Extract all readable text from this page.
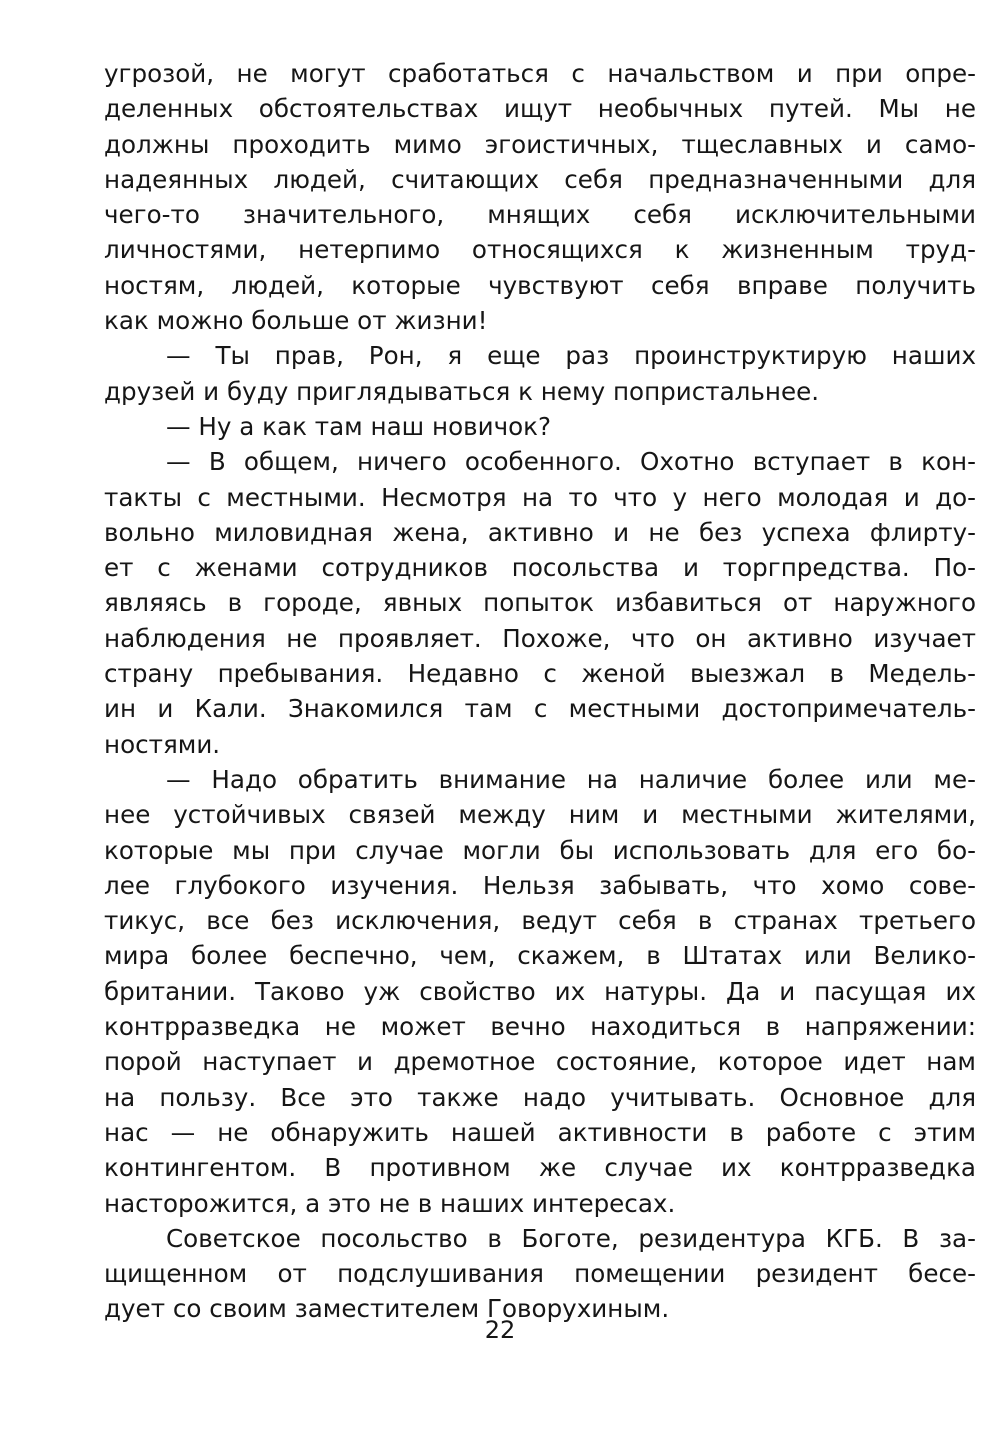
угрозой, не могут сработаться с начальством и при опре-
деленных обстоятельствах ищут необычных путей. Мы не
должны проходить мимо эгоистичных, тщеславных и само-
надеянных людей, считающих себя предназначенными для
чего-то значительного, мнящих себя исключительными
личностями, нетерпимо относящихся к жизненным труд-
ностям, людей, которые чувствуют себя вправе получить
как можно больше от жизни!
— Ты прав, Рон, я еще раз проинструктирую наших
друзей и буду приглядываться к нему попристальнее.
— Ну а как там наш новичок?
— В общем, ничего особенного. Охотно вступает в кон-
такты с местными. Несмотря на то что у него молодая и до-
вольно миловидная жена, активно и не без успеха флирту-
ет с женами сотрудников посольства и торгпредства. По-
являясь в городе, явных попыток избавиться от наружного
наблюдения не проявляет. Похоже, что он активно изучает
страну пребывания. Недавно с женой выезжал в Медель-
ин и Кали. Знакомился там с местными достопримечатель-
ностями.
— Надо обратить внимание на наличие более или ме-
нее устойчивых связей между ним и местными жителями,
которые мы при случае могли бы использовать для его бо-
лее глубокого изучения. Нельзя забывать, что хомо сове-
тикус, все без исключения, ведут себя в странах третьего
мира более беспечно, чем, скажем, в Штатах или Велико-
британии. Таково уж свойство их натуры. Да и пасущая их
контрразведка не может вечно находиться в напряжении:
порой наступает и дремотное состояние, которое идет нам
на пользу. Все это также надо учитывать. Основное для
нас — не обнаружить нашей активности в работе с этим
контингентом. В противном же случае их контрразведка
насторожится, а это не в наших интересах.
Советское посольство в Боготе, резидентура КГБ. В за-
щищенном от подслушивания помещении резидент бесе-
дует со своим заместителем Говорухиным.
22
